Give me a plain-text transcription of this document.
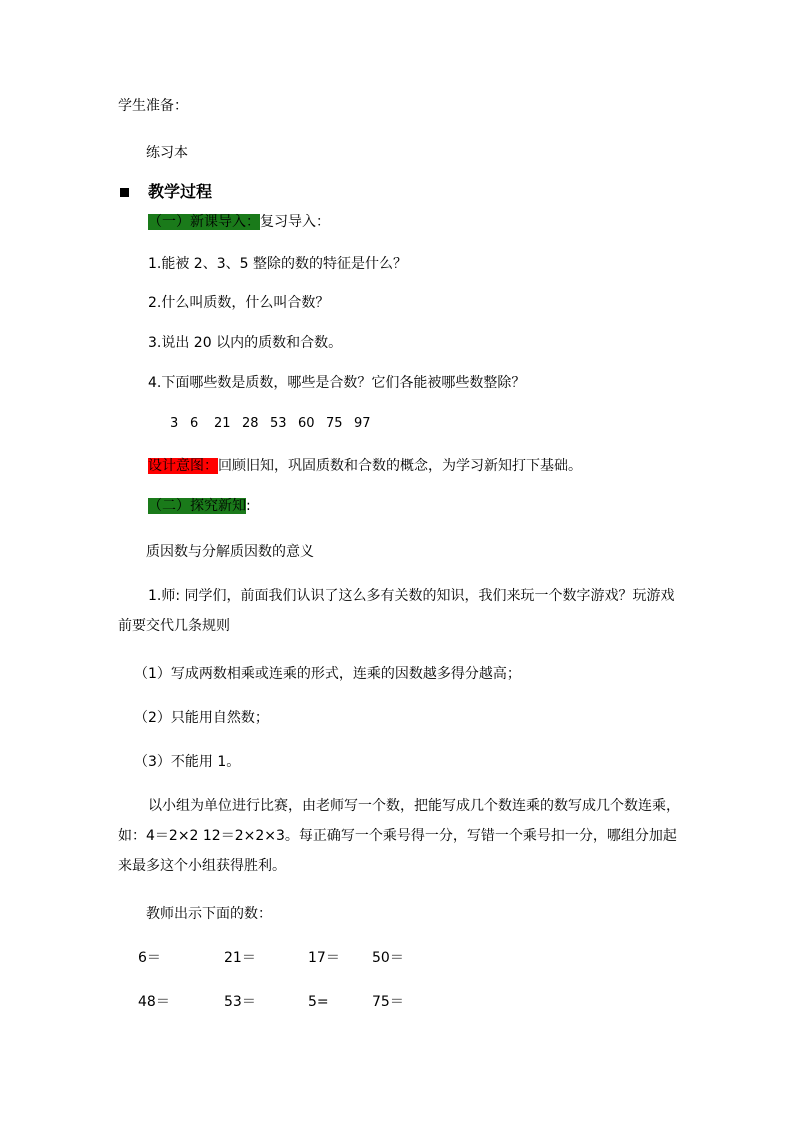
学生准备：
练习本
教学过程
（一）新课导入：复习导入：
1.能被 2、3、5 整除的数的特征是什么？
2.什么叫质数，什么叫合数？
3.说出 20 以内的质数和合数。
4.下面哪些数是质数，哪些是合数？它们各能被哪些数整除？
3 6 21 28 53 60 75 97
设计意图：回顾旧知，巩固质数和合数的概念，为学习新知打下基础。
（二）探究新知:
质因数与分解质因数的意义
1.师: 同学们，前面我们认识了这么多有关数的知识，我们来玩一个数字游戏？玩游戏
前要交代几条规则
（1）写成两数相乘或连乘的形式，连乘的因数越多得分越高；
（2）只能用自然数；
（3）不能用 1。
以小组为单位进行比赛，由老师写一个数，把能写成几个数连乘的数写成几个数连乘，
如：4＝2×2 12＝2×2×3。每正确写一个乘号得一分，写错一个乘号扣一分，哪组分加起
来最多这个小组获得胜利。
教师出示下面的数：
6＝	21＝	17＝ 50＝
48＝	53＝	5=	75＝
